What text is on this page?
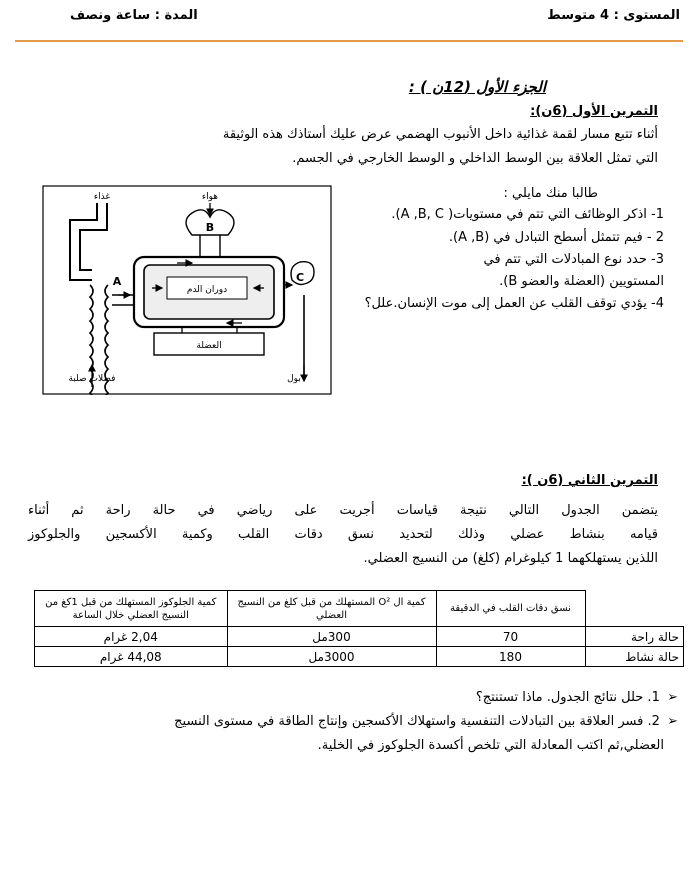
المستوى : 4 متوسط
المدة : ساعة ونصف
الجزء الأول (12ن ) :
التمرين الأول (6ن):
أثناء تتبع مسار لقمة غذائية داخل الأنبوب الهضمي عرض عليك أستاذك هذه الوثيقة
التي تمثل العلاقة بين الوسط الداخلي و الوسط الخارجي في الجسم.
طالبا منك مايلي :
1- اذكر الوظائف التي تتم في مستويات( A ,B, C).
2 - فيم تتمثل أسطح التبادل في (A ,B).
3- حدد نوع المبادلات التي تتم في
المستويين (العضلة والعضو B).
4- يؤدي توقف القلب عن العمل إلى موت الإنسان.علل؟
غذاء	هواء
دوران الدم
العضلة
فضلات صلبة	بول
A
B
C
التمرين الثاني (6ن ):
يتضمن الجدول التالي نتيجة قياسات أجريت على رياضي في حالة راحة ثم أثناء
قيامه بنشاط عضلي وذلك لتحديد نسق دقات القلب وكمية الأكسجين والجلوكوز
اللذين يستهلكهما 1 كيلوغرام (كلغ) من النسيج العضلي.
	نسق دقات القلب في الدقيقة	كمية ال O² المستهلك من قبل كلغ من النسيج العضلي	كمية الجلوكوز المستهلك من قبل 1كغ من النسيج العضلي خلال الساعة
حالة راحة	70	300مل	2,04 غرام
حالة نشاط	180	3000مل	44,08 غرام
➢ 1. حلل نتائج الجدول. ماذا تستنتج؟
➢ 2. فسر العلاقة بين التبادلات التنفسية واستهلاك الأكسجين وإنتاج الطاقة في مستوى النسيج
العضلي,ثم اكتب المعادلة التي تلخص أكسدة الجلوكوز في الخلية.
